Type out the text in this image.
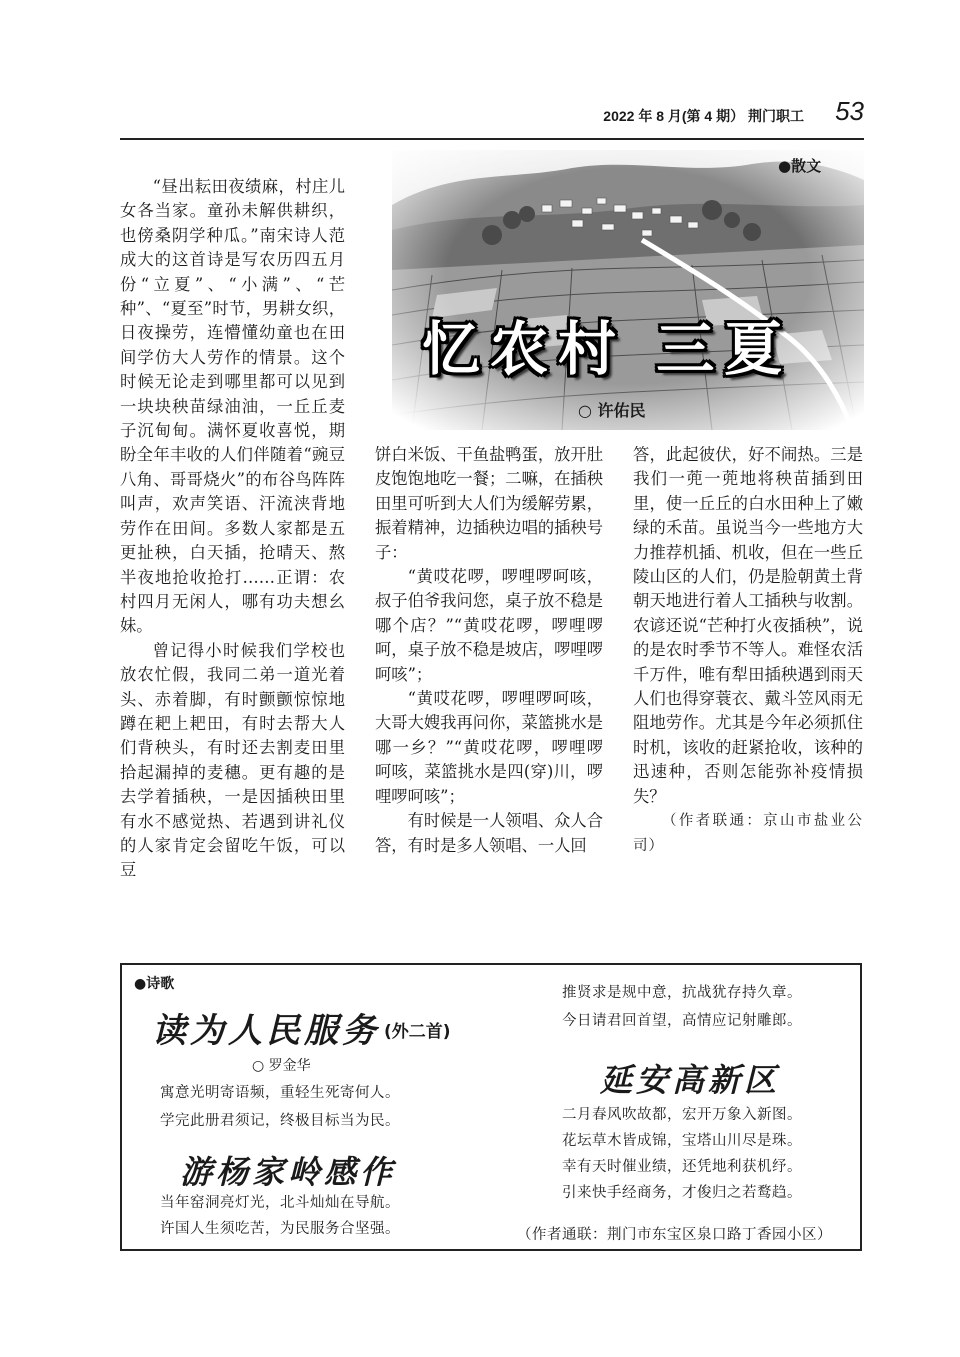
2022 年 8 月(第 4 期） 荆门职工 53
忆农村 三夏
○ 许佑民
●散文

“昼出耘田夜绩麻，村庄儿女各当家。童孙未解供耕织，也傍桑阴学种瓜。”南宋诗人范成大的这首诗是写农历四五月份“立夏”、“小满”、“芒种”、“夏至”时节，男耕女织，日夜操劳，连懵懂幼童也在田间学仿大人劳作的情景。这个时候无论走到哪里都可以见到一块块秧苗绿油油，一丘丘麦子沉甸甸。满怀夏收喜悦，期盼全年丰收的人们伴随着“豌豆八角、哥哥烧火”的布谷鸟阵阵叫声，欢声笑语、汗流浃背地劳作在田间。多数人家都是五更扯秧，白天插，抢晴天、熬半夜地抢收抢打……正谓：农村四月无闲人，哪有功夫想幺妹。

曾记得小时候我们学校也放农忙假，我同二弟一道光着头、赤着脚，有时颤颤惊惊地蹲在耙上耙田，有时去帮大人们背秧头，有时还去割麦田里拾起漏掉的麦穗。更有趣的是去学着插秧，一是因插秧田里有水不感觉热、若遇到讲礼仪的人家肯定会留吃午饭，可以豆

饼白米饭、干鱼盐鸭蛋，放开肚皮饱饱地吃一餐；二嘛，在插秧田里可听到大人们为缓解劳累，振着精神，边插秧边唱的插秧号子：

“黄哎花啰，啰哩啰呵咳，叔子伯爷我问您，桌子放不稳是哪个店？”“黄哎花啰，啰哩啰呵，桌子放不稳是坡店，啰哩啰呵咳”；

“黄哎花啰，啰哩啰呵咳，大哥大嫂我再问你，菜篮挑水是哪一乡？”“黄哎花啰，啰哩啰呵咳，菜篮挑水是四(穿)川，啰哩啰呵咳”；

有时候是一人领唱、众人合答，有时是多人领唱、一人回

答，此起彼伏，好不闹热。三是我们一蔸一蔸地将秧苗插到田里，使一丘丘的白水田种上了嫩绿的禾苗。虽说当今一些地方大力推荐机插、机收，但在一些丘陵山区的人们，仍是脸朝黄土背朝天地进行着人工插秧与收割。农谚还说“芒种打火夜插秧”，说的是农时季节不等人。难怪农活千万件，唯有犁田插秧遇到雨天人们也得穿蓑衣、戴斗笠风雨无阻地劳作。尤其是今年必须抓住时机，该收的赶紧抢收，该种的迅速种，否则怎能弥补疫情损失？

（作者联通：京山市盐业公司）

●诗歌
读为人民服务 (外二首)
○ 罗金华
寓意光明寄语频，重轻生死寄何人。
学完此册君须记，终极目标当为民。
游杨家岭感作
当年窑洞亮灯光，北斗灿灿在导航。
许国人生须吃苦，为民服务合坚强。
推贤求是规中意，抗战犹存持久章。
今日请君回首望，高情应记射雕郎。
延安高新区
二月春风吹故都，宏开万象入新图。
花坛草木皆成锦，宝塔山川尽是珠。
幸有天时催业绩，还凭地利获机纾。
引来快手经商务，才俊归之若鹜趋。
（作者通联：荆门市东宝区泉口路丁香园小区）
